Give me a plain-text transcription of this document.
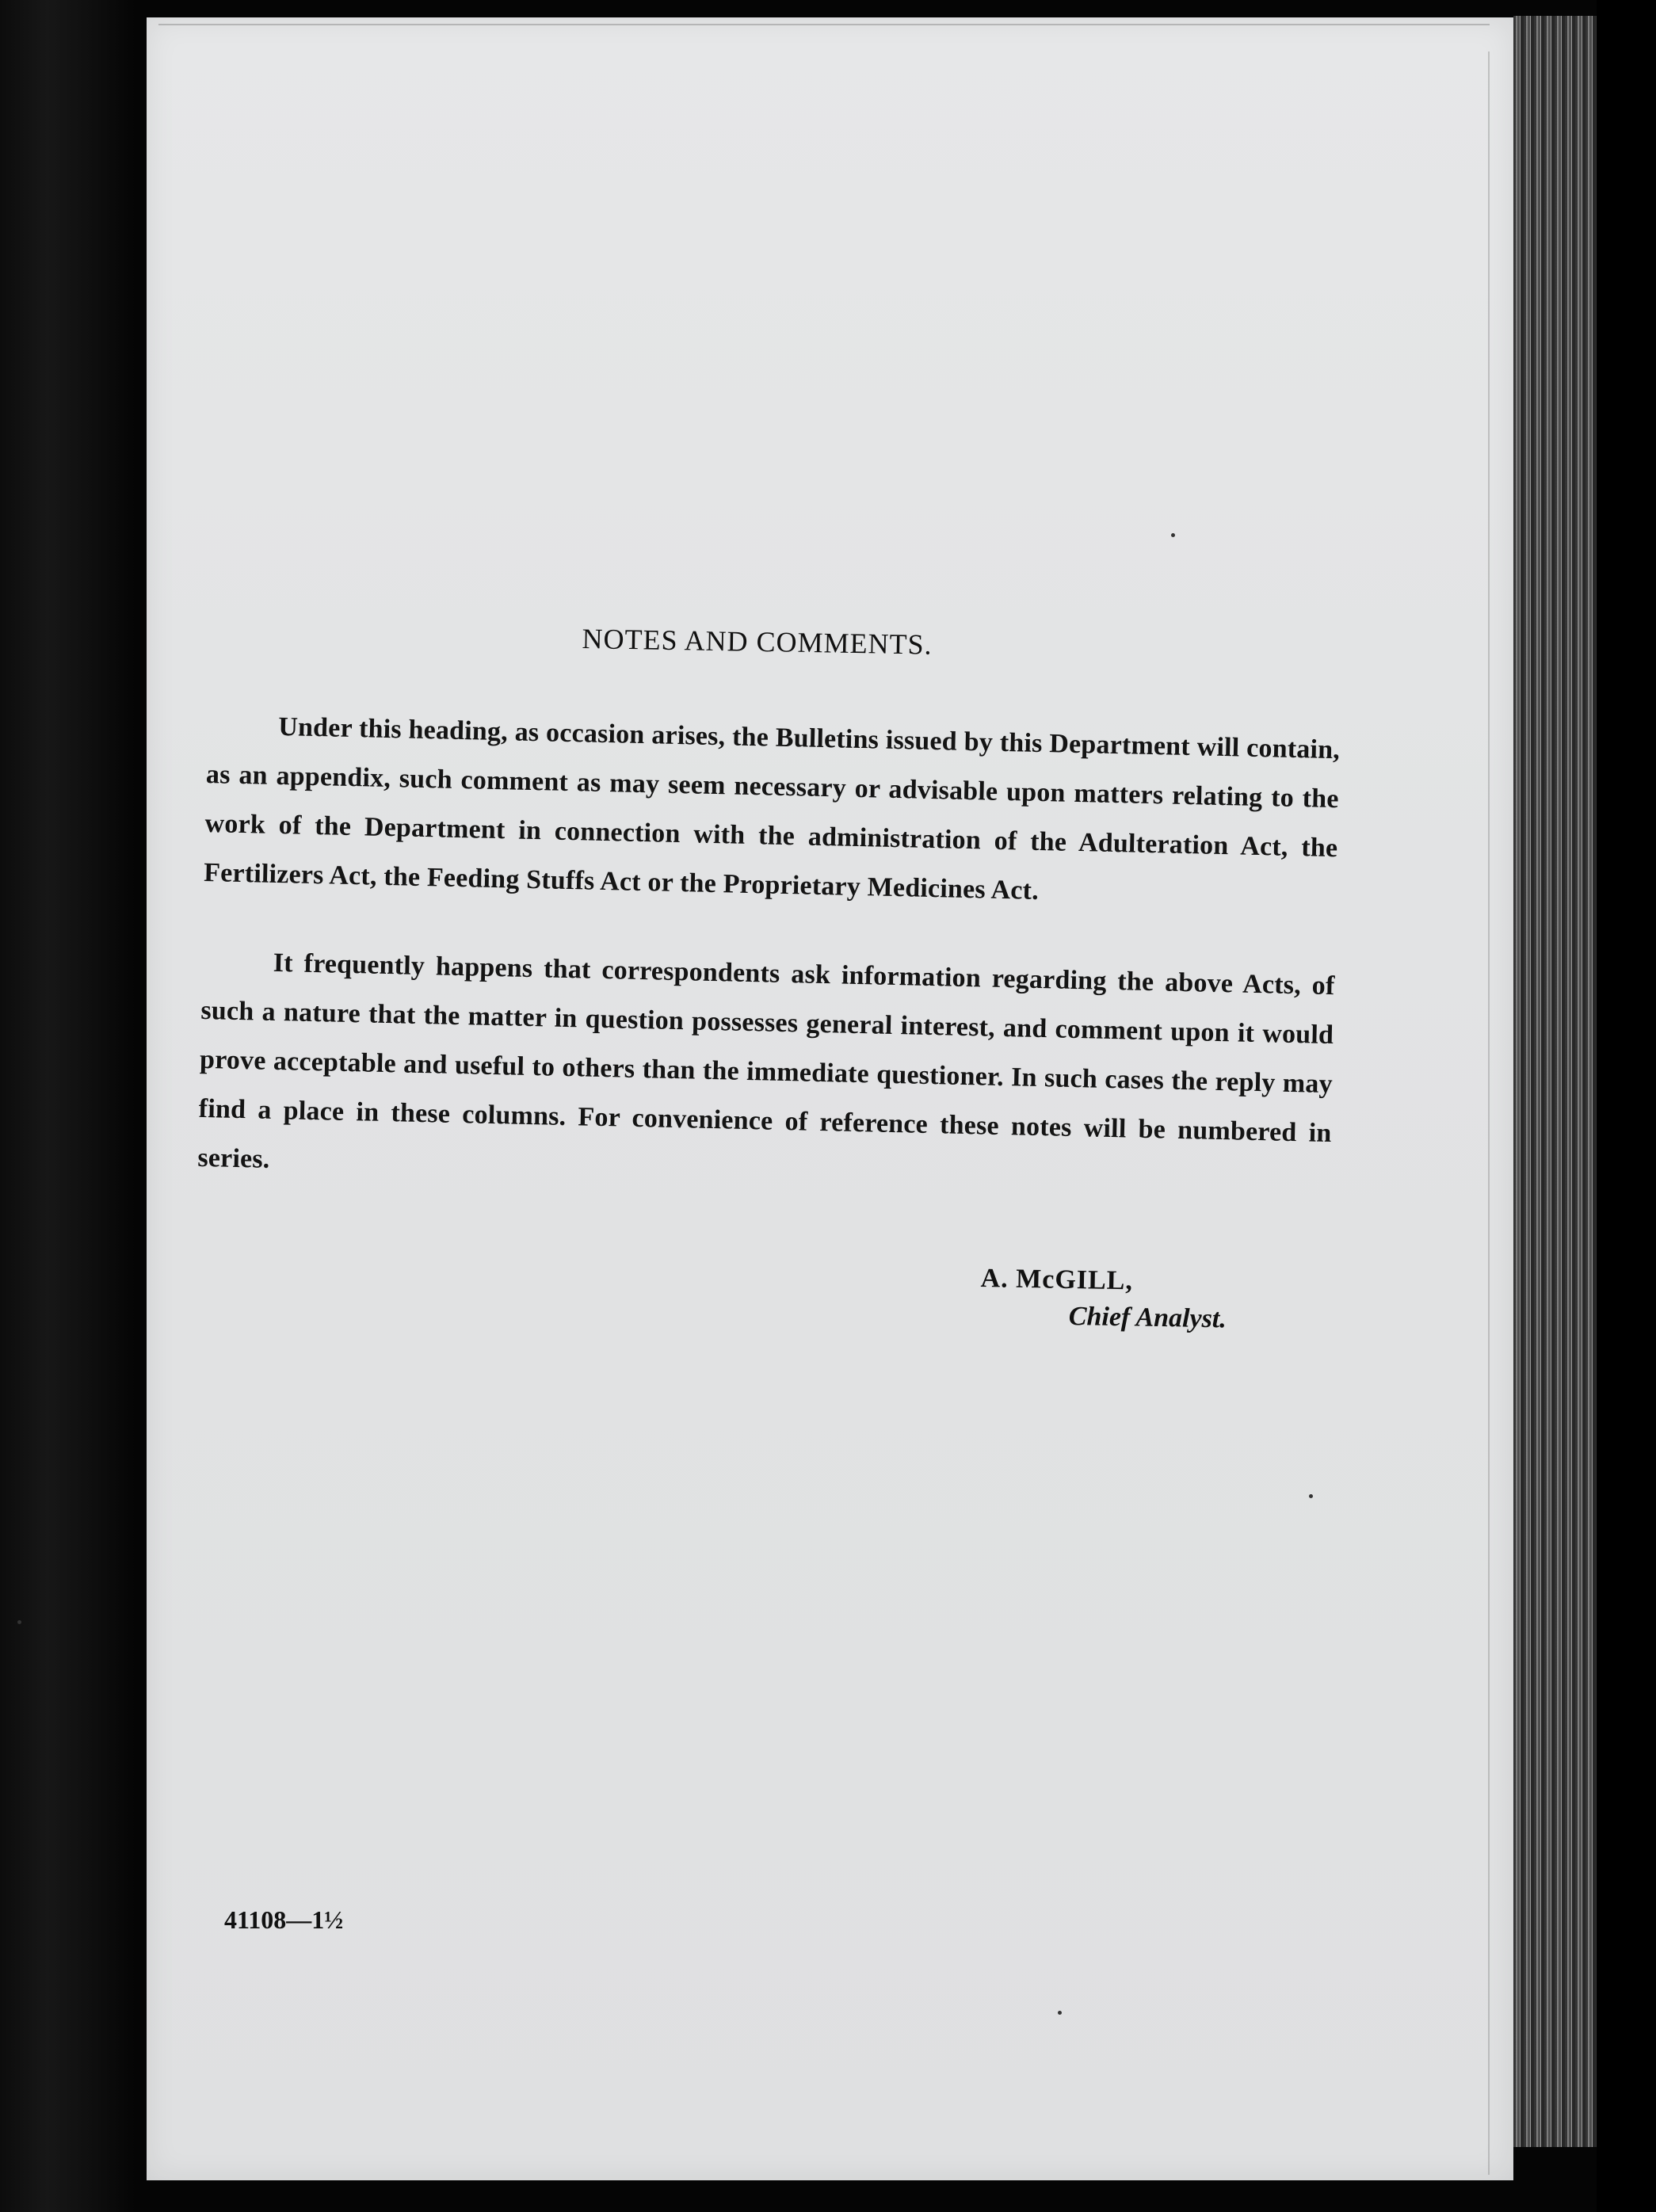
NOTES AND COMMENTS.

Under this heading, as occasion arises, the Bulletins issued by this Department will contain, as an appendix, such comment as may seem necessary or advisable upon matters relating to the work of the Department in connection with the administration of the Adulteration Act, the Fertilizers Act, the Feeding Stuffs Act or the Proprietary Medicines Act.

It frequently happens that correspondents ask information regarding the above Acts, of such a nature that the matter in question possesses general interest, and comment upon it would prove acceptable and useful to others than the immediate questioner. In such cases the reply may find a place in these columns. For convenience of reference these notes will be numbered in series.

A. McGILL,
Chief Analyst.
41108—1½
